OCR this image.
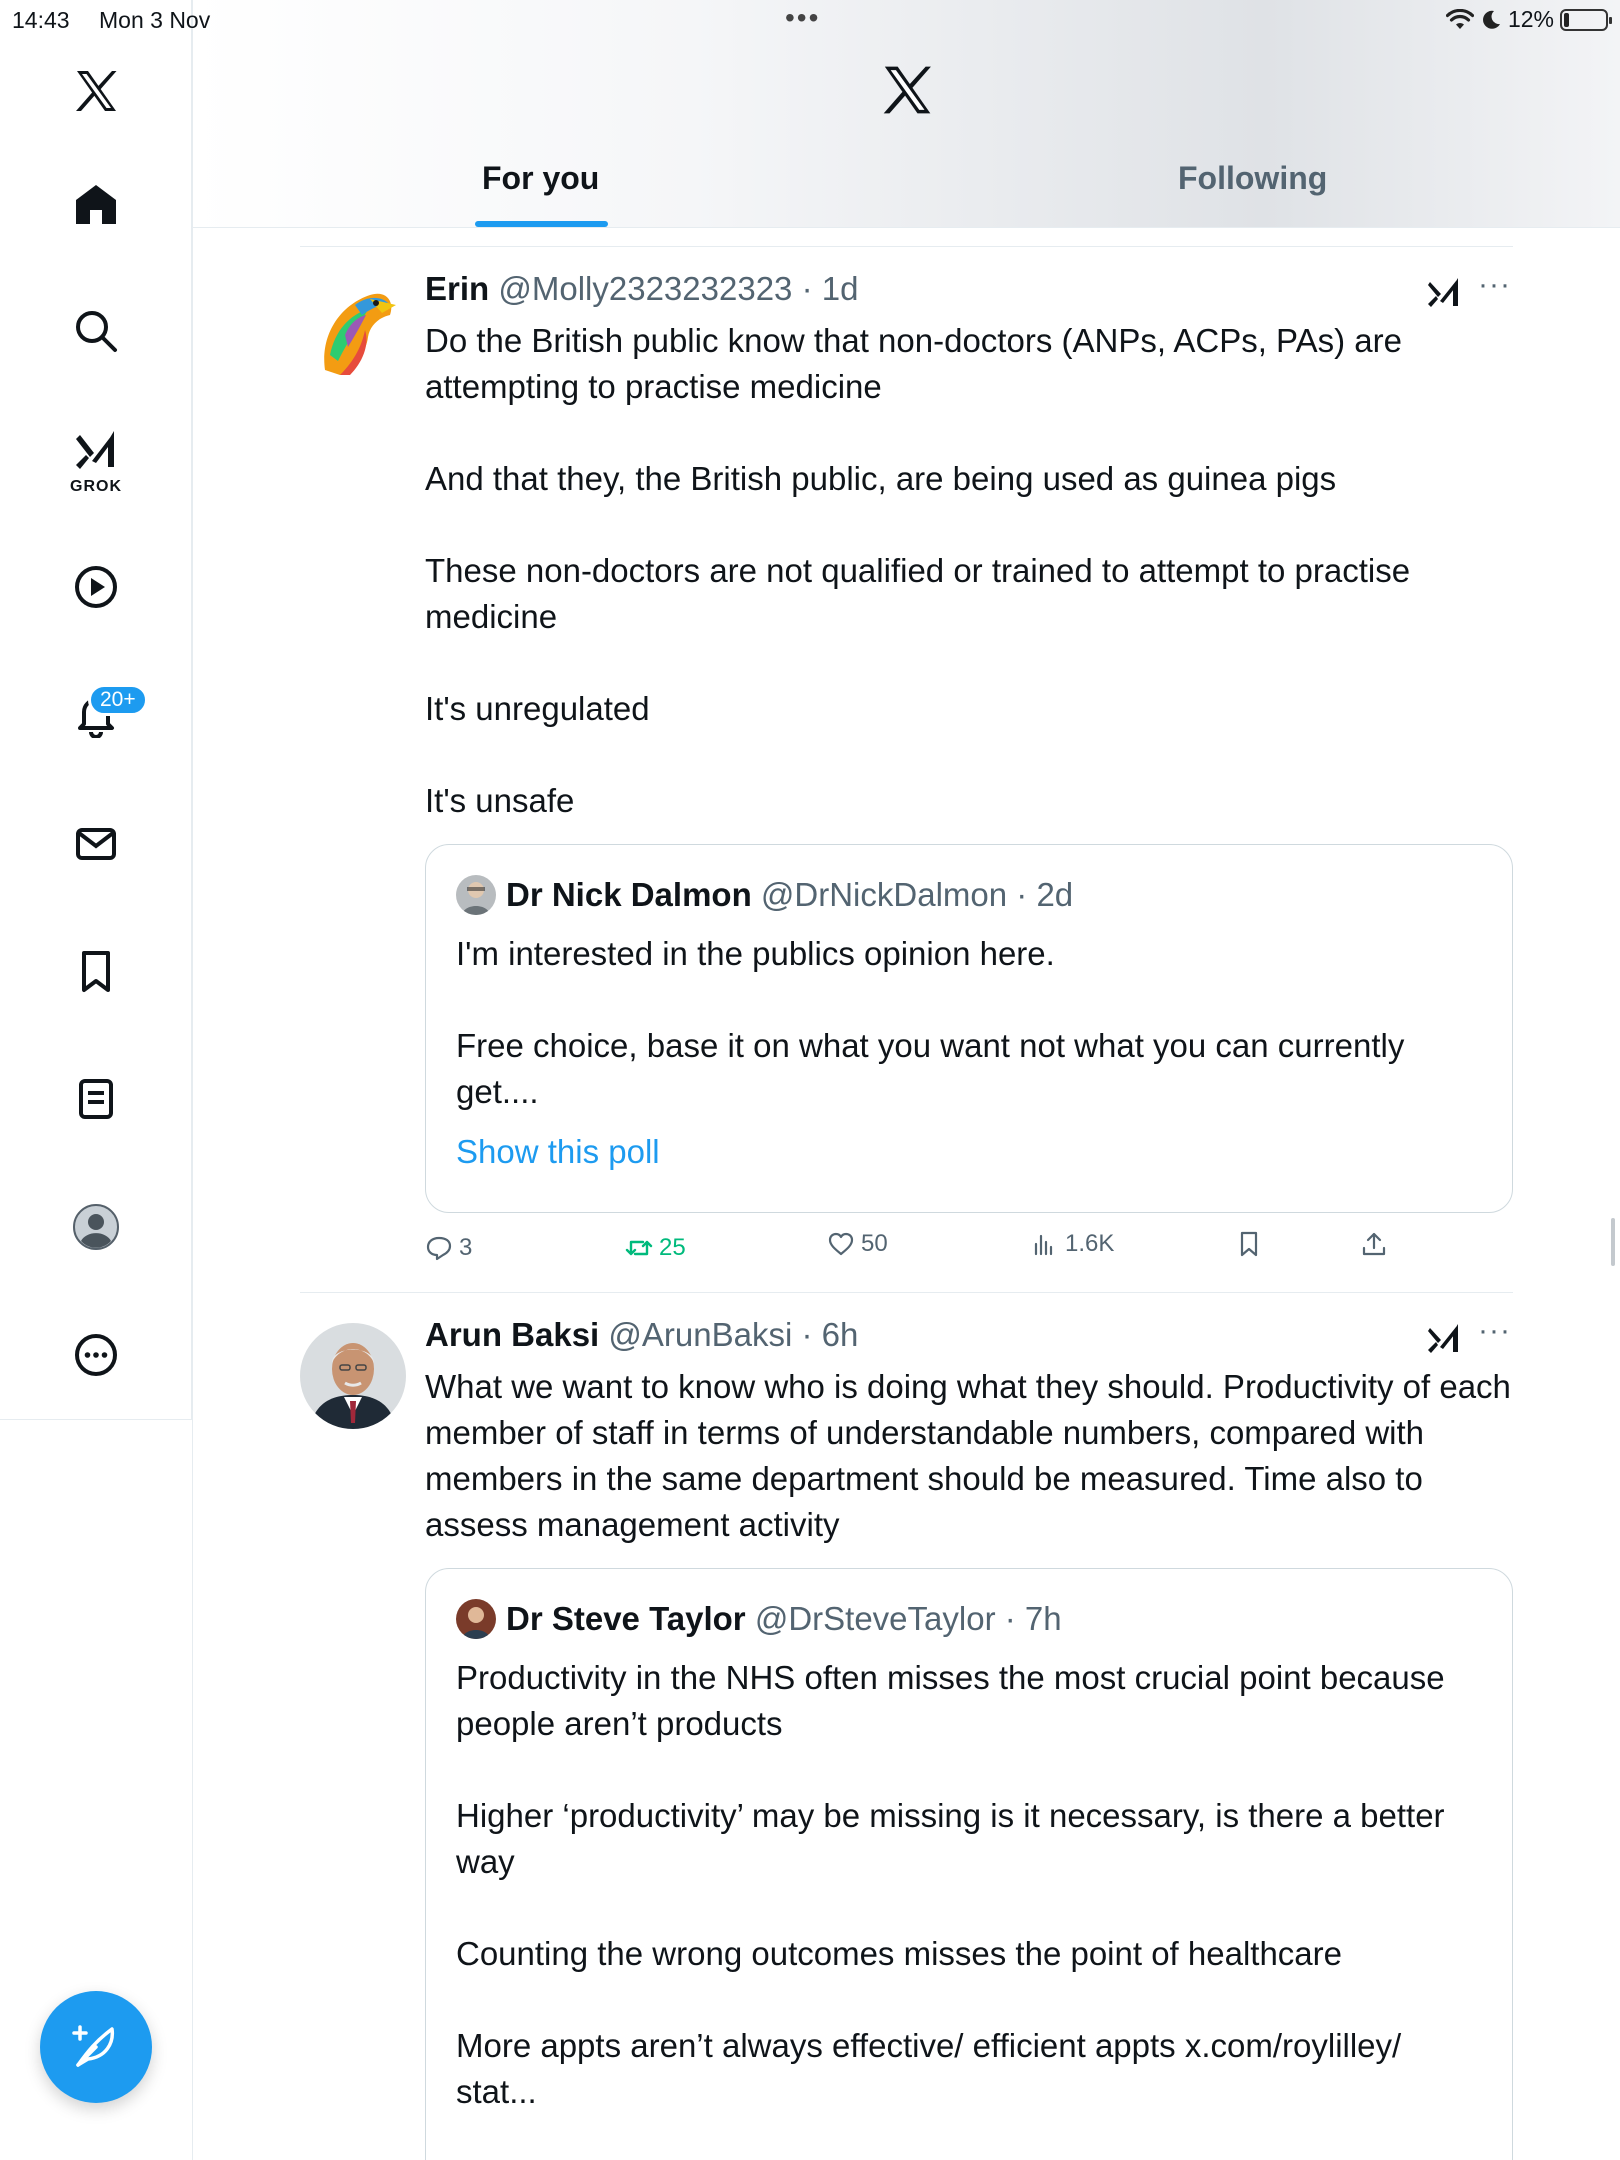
14:43 Mon 3 Nov	•••	12%
GROK
20+
For you	Following
Erin @Molly2323232323 · 1d	···

Do the British public know that non-doctors (ANPs, ACPs, PAs) are attempting to practise medicine

And that they, the British public, are being used as guinea pigs

These non-doctors are not qualified or trained to attempt to practise medicine

It's unregulated

It's unsafe

Dr Nick Dalmon
@DrNickDalmon
· 2d

I'm interested in the publics opinion here.

Free choice, base it on what you want not what you can currently get....

Show this poll
3	25	50	1.6K
Arun Baksi @ArunBaksi · 6h	···

What we want to know who is doing what they should. Productivity of each member of staff in terms of understandable numbers, compared with members in the same department should be measured. Time also to assess management activity

Dr Steve Taylor
@DrSteveTaylor
· 7h

Productivity in the NHS often misses the most crucial point because people aren’t products

Higher ‘productivity’ may be missing is it necessary, is there a better way

Counting the wrong outcomes misses the point of healthcare

More appts aren’t always effective/ efficient appts x.com/roylilley/ stat...
